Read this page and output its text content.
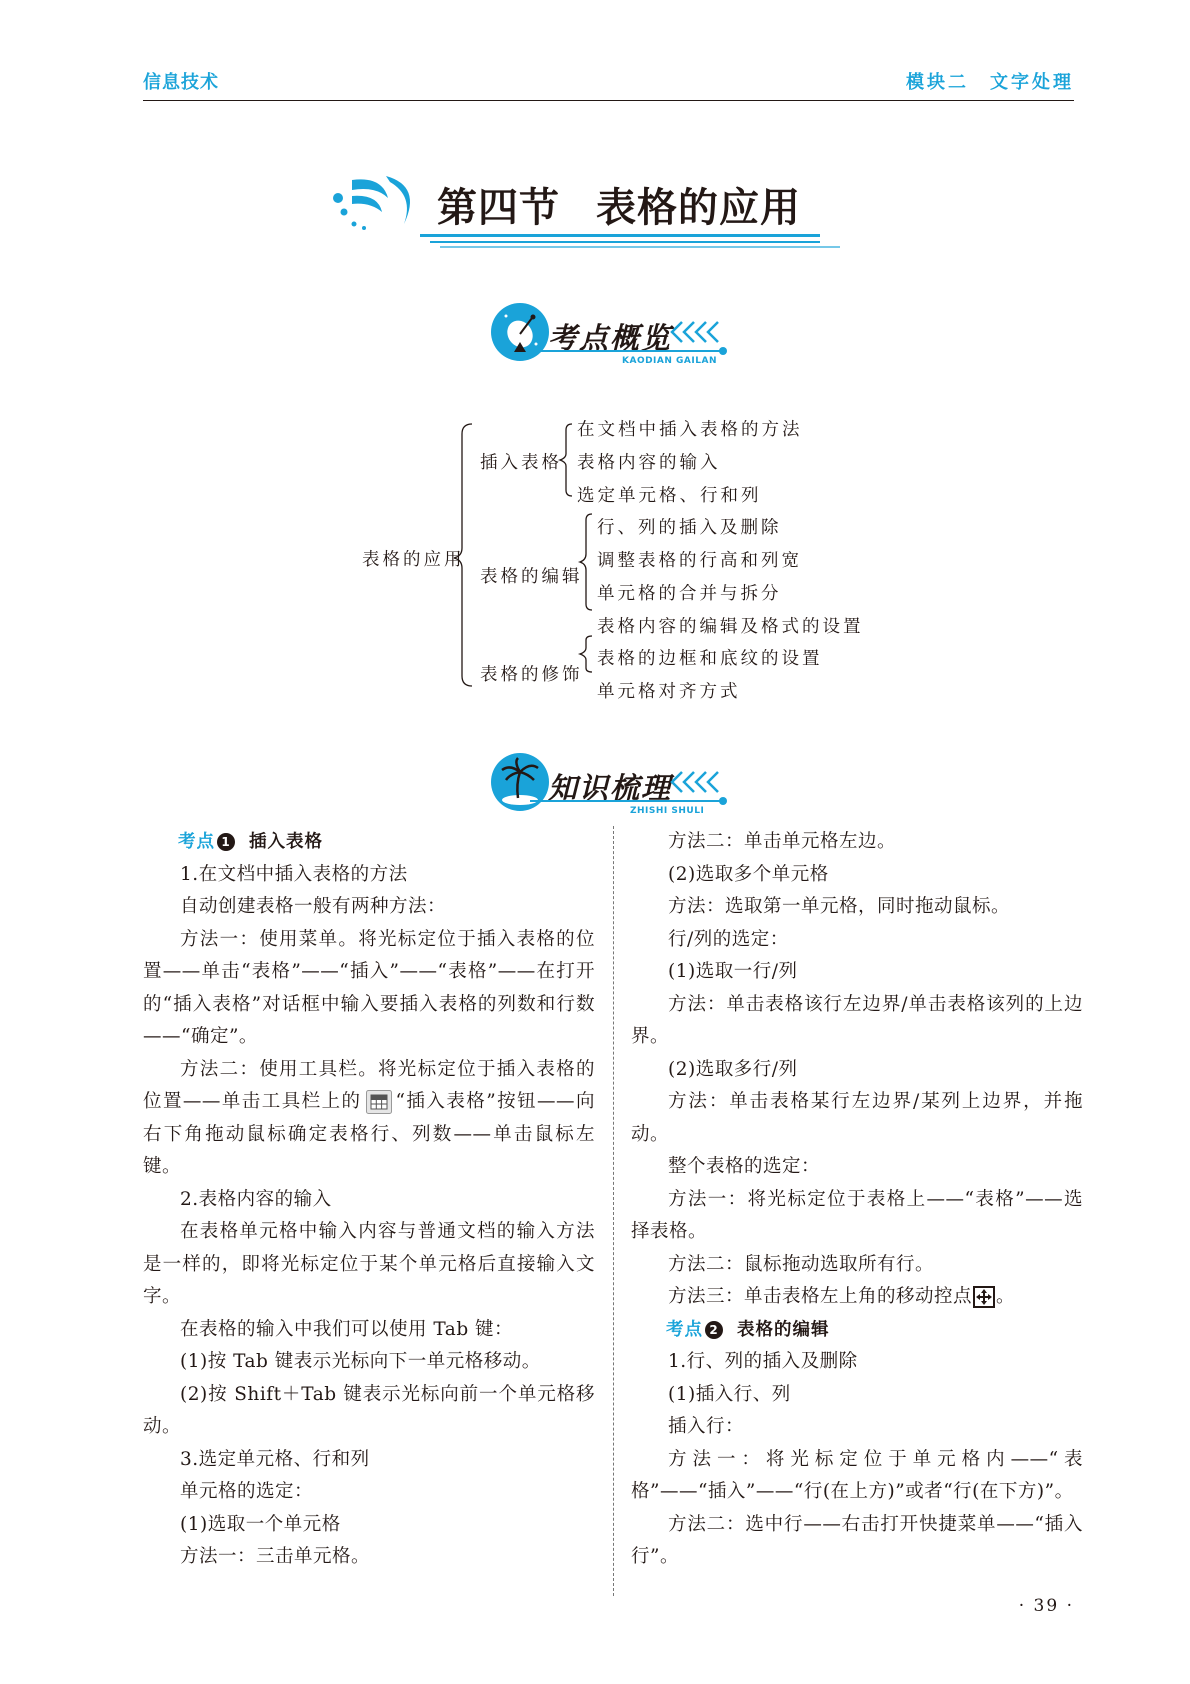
信息技术	模块二　文字处理
第四节 表格的应用
考点概览
KAODIAN GAILAN
表格的应用
插入表格
在文档中插入表格的方法
表格内容的输入
选定单元格、行和列
表格的编辑
行、列的插入及删除
调整表格的行高和列宽
单元格的合并与拆分
表格内容的编辑及格式的设置
表格的修饰
表格的边框和底纹的设置
单元格对齐方式
知识梳理
ZHISHI SHULI

考点 1 插入表格

1.在文档中插入表格的方法

自动创建表格一般有两种方法：

方法一：使用菜单。将光标定位于插入表格的位置——单击“表格”——“插入”——“表格”——在打开的“插入表格”对话框中输入要插入表格的列数和行数——“确定”。

方法二：使用工具栏。将光标定位于插入表格的位置——单击工具栏上的 “插入表格”按钮——向右下角拖动鼠标确定表格行、列数——单击鼠标左键。

2.表格内容的输入

在表格单元格中输入内容与普通文档的输入方法是一样的，即将光标定位于某个单元格后直接输入文字。

在表格的输入中我们可以使用 Tab 键：

(1)按 Tab 键表示光标向下一单元格移动。

(2)按 Shift＋Tab 键表示光标向前一个单元格移动。

3.选定单元格、行和列

单元格的选定：

(1)选取一个单元格

方法一：三击单元格。

方法二：单击单元格左边。

(2)选取多个单元格

方法：选取第一单元格，同时拖动鼠标。

行/列的选定：

(1)选取一行/列

方法：单击表格该行左边界/单击表格该列的上边界。

(2)选取多行/列

方法：单击表格某行左边界/某列上边界，并拖动。

整个表格的选定：

方法一：将光标定位于表格上——“表格”——选择表格。

方法二：鼠标拖动选取所有行。

方法三：单击表格左上角的移动控点 。

考点 2 表格的编辑

1.行、列的插入及删除

(1)插入行、列

插入行：

方法一：将光标定位于单元格内——“表格”——“插入”——“行(在上方)”或者“行(在下方)”。

方法二：选中行——右击打开快捷菜单——“插入行”。

· 39 ·
